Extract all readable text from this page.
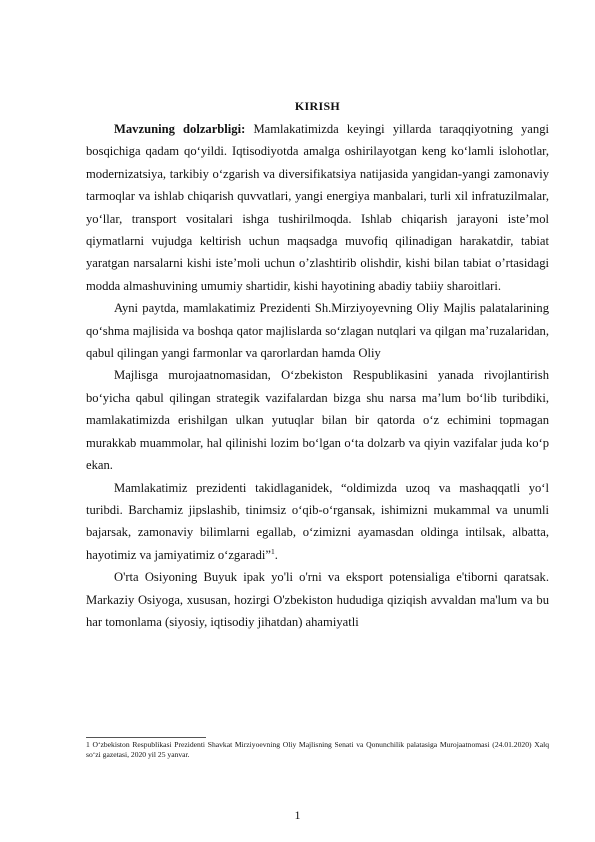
KIRISH

Mavzuning dolzarbligi: Mamlakatimizda keyingi yillarda taraqqiyotning yangi bosqichiga qadam qo‘yildi. Iqtisodiyotda amalga oshirilayotgan keng ko‘lamli islohotlar, modernizatsiya, tarkibiy o‘zgarish va diversifikatsiya natijasida yangidan-yangi zamonaviy tarmoqlar va ishlab chiqarish quvvatlari, yangi energiya manbalari, turli xil infratuzilmalar, yo‘llar, transport vositalari ishga tushirilmoqda. Ishlab chiqarish jarayoni iste’mol qiymatlarni vujudga keltirish uchun maqsadga muvofiq qilinadigan harakatdir, tabiat yaratgan narsalarni kishi iste’moli uchun o’zlashtirib olishdir, kishi bilan tabiat o’rtasidagi modda almashuvining umumiy shartidir, kishi hayotining abadiy tabiiy sharoitlari.

Ayni paytda, mamlakatimiz Prezidenti Sh.Mirziyoyevning Oliy Majlis palatalarining qo‘shma majlisida va boshqa qator majlislarda so‘zlagan nutqlari va qilgan ma’ruzalaridan, qabul qilingan yangi farmonlar va qarorlardan hamda Oliy

Majlisga murojaatnomasidan, O‘zbekiston Respublikasini yanada rivojlantirish bo‘yicha qabul qilingan strategik vazifalardan bizga shu narsa ma’lum bo‘lib turibdiki, mamlakatimizda erishilgan ulkan yutuqlar bilan bir qatorda o‘z echimini topmagan murakkab muammolar, hal qilinishi lozim bo‘lgan o‘ta dolzarb va qiyin vazifalar juda ko‘p ekan.

Mamlakatimiz prezidenti takidlaganidek, “oldimizda uzoq va mashaqqatli yo‘l turibdi. Barchamiz jipslashib, tinimsiz o‘qib-o‘rgansak, ishimizni mukammal va unumli bajarsak, zamonaviy bilimlarni egallab, o‘zimizni ayamasdan oldinga intilsak, albatta, hayotimiz va jamiyatimiz o‘zgaradi”$^1$.

O'rta Osiyoning Buyuk ipak yo'li o'rni va eksport potensialiga e'tiborni qaratsak. Markaziy Osiyoga, xususan, hozirgi O'zbekiston hududiga qiziqish avvaldan ma'lum va bu har tomonlama (siyosiy, iqtisodiy jihatdan) ahamiyatli

1 O‘zbekiston Respublikasi Prezidenti Shavkat Mirziyoevning Oliy Majlisning Senati va Qonunchilik palatasiga Murojaatnomasi (24.01.2020) Xalq so‘zi gazetasi, 2020 yil 25 yanvar.

1
